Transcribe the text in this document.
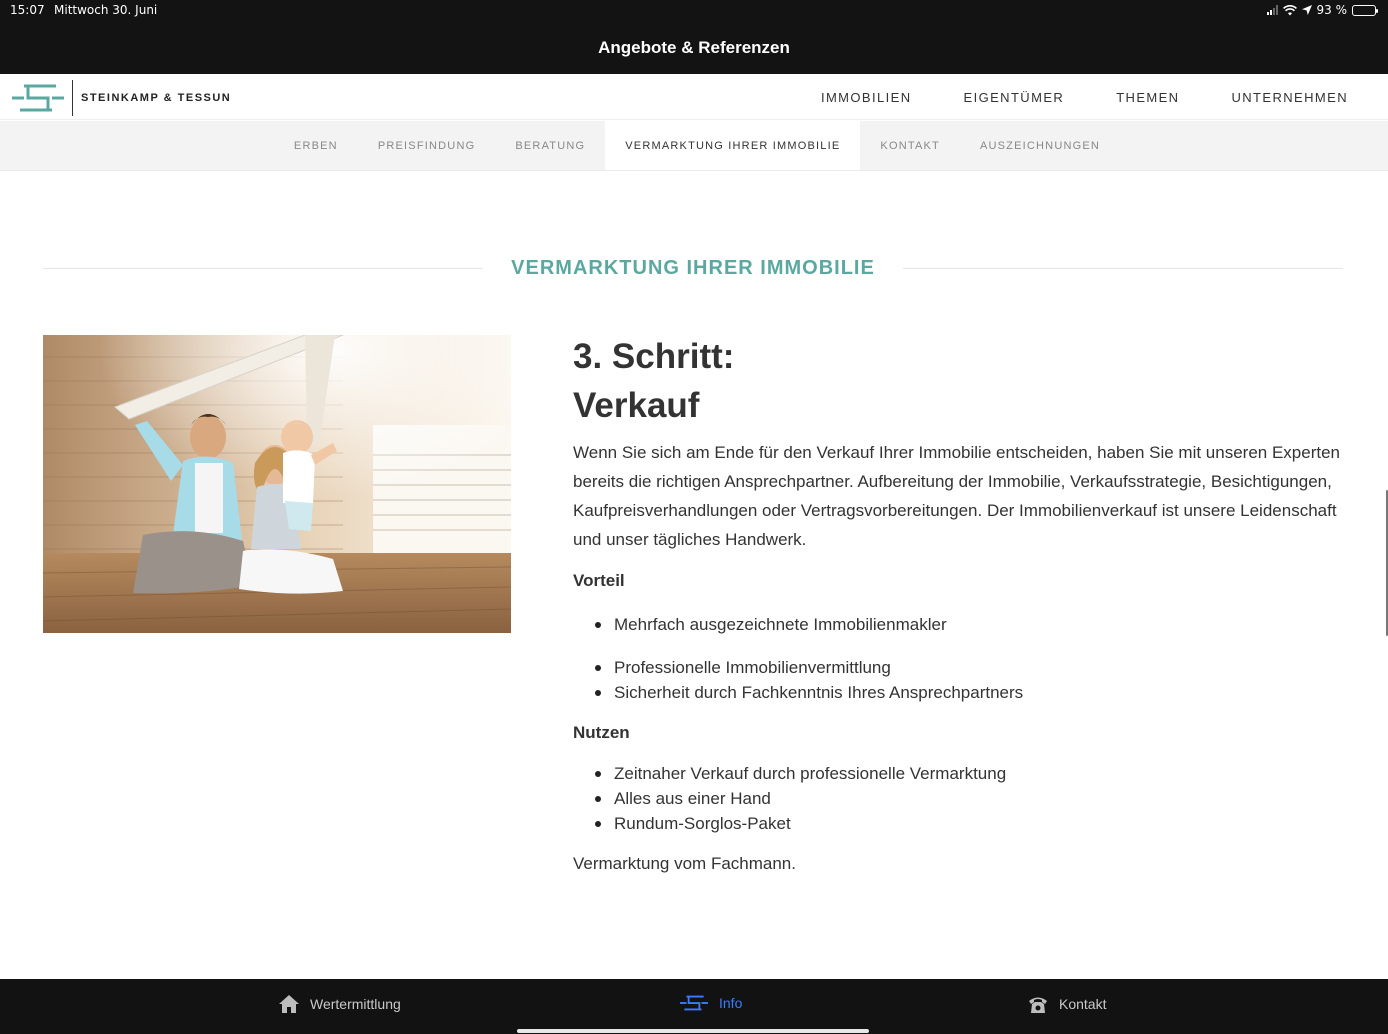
15:07 Mittwoch 30. Juni	93 %
Angebote & Referenzen
STEINKAMP & TESSUN	IMMOBILIEN	EIGENTÜMER	THEMEN	UNTERNEHMEN
ERBEN	PREISFINDUNG	BERATUNG	VERMARKTUNG IHRER IMMOBILIE	KONTAKT	AUSZEICHNUNGEN
VERMARKTUNG IHRER IMMOBILIE
3. Schritt:
Verkauf

Wenn Sie sich am Ende für den Verkauf Ihrer Immobilie entscheiden, haben Sie mit unseren Experten bereits die richtigen Ansprechpartner. Aufbereitung der Immobilie, Verkaufsstrategie, Besichtigungen, Kaufpreisverhandlungen oder Vertragsvorbereitungen. Der Immobilienverkauf ist unsere Leidenschaft und unser tägliches Handwerk.

Vorteil

Mehrfach ausgezeichnete Immobilienmakler
Professionelle Immobilienvermittlung
Sicherheit durch Fachkenntnis Ihres Ansprechpartners

Nutzen

Zeitnaher Verkauf durch professionelle Vermarktung
Alles aus einer Hand
Rundum-Sorglos-Paket

Vermarktung vom Fachmann.

Wertermittlung	Info	Kontakt
